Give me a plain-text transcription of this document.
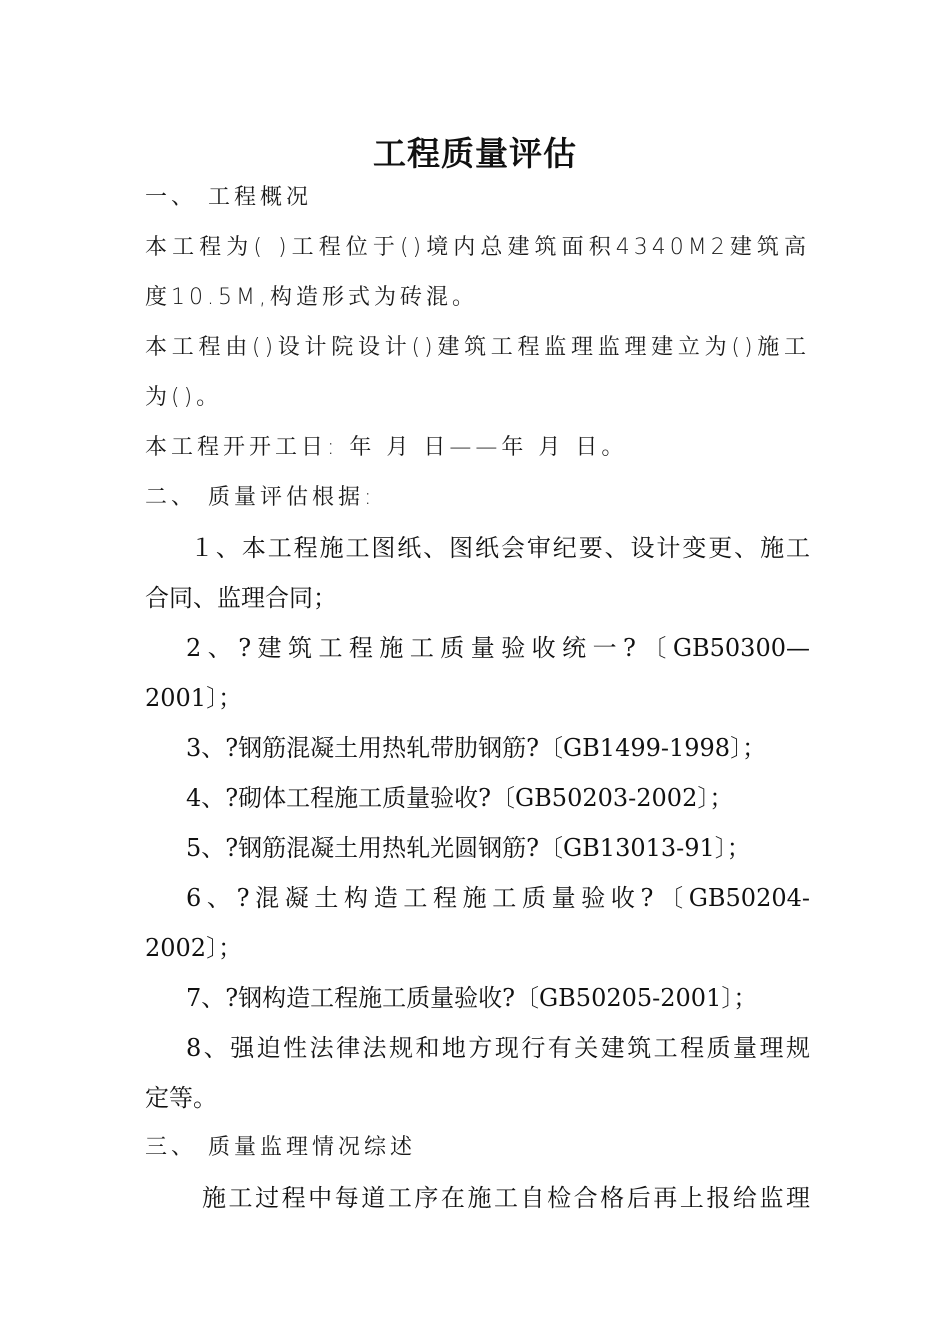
工程质量评估
一、 工程概况
本工程为( )工程位于()境内总建筑面积4340M2建筑高
度10.5M,构造形式为砖混。
本工程由()设计院设计()建筑工程监理监理建立为()施工
为()。
本工程开开工日: 年 月 日——年 月 日。
二、 质量评估根据:
１、本工程施工图纸、图纸会审纪要、设计变更、施工
合同、监理合同；
2、?建筑工程施工质量验收统一?〔GB50300—
2001〕；
3、?钢筋混凝土用热轧带肋钢筋?〔GB1499-1998〕；
4、?砌体工程施工质量验收?〔GB50203-2002〕；
5、?钢筋混凝土用热轧光圆钢筋?〔GB13013-91〕；
6、?混凝土构造工程施工质量验收?〔GB50204-
2002〕；
7、?钢构造工程施工质量验收?〔GB50205-2001〕；
8、强迫性法律法规和地方现行有关建筑工程质量理规
定等。
三、 质量监理情况综述
施工过程中每道工序在施工自检合格后再上报给监理
